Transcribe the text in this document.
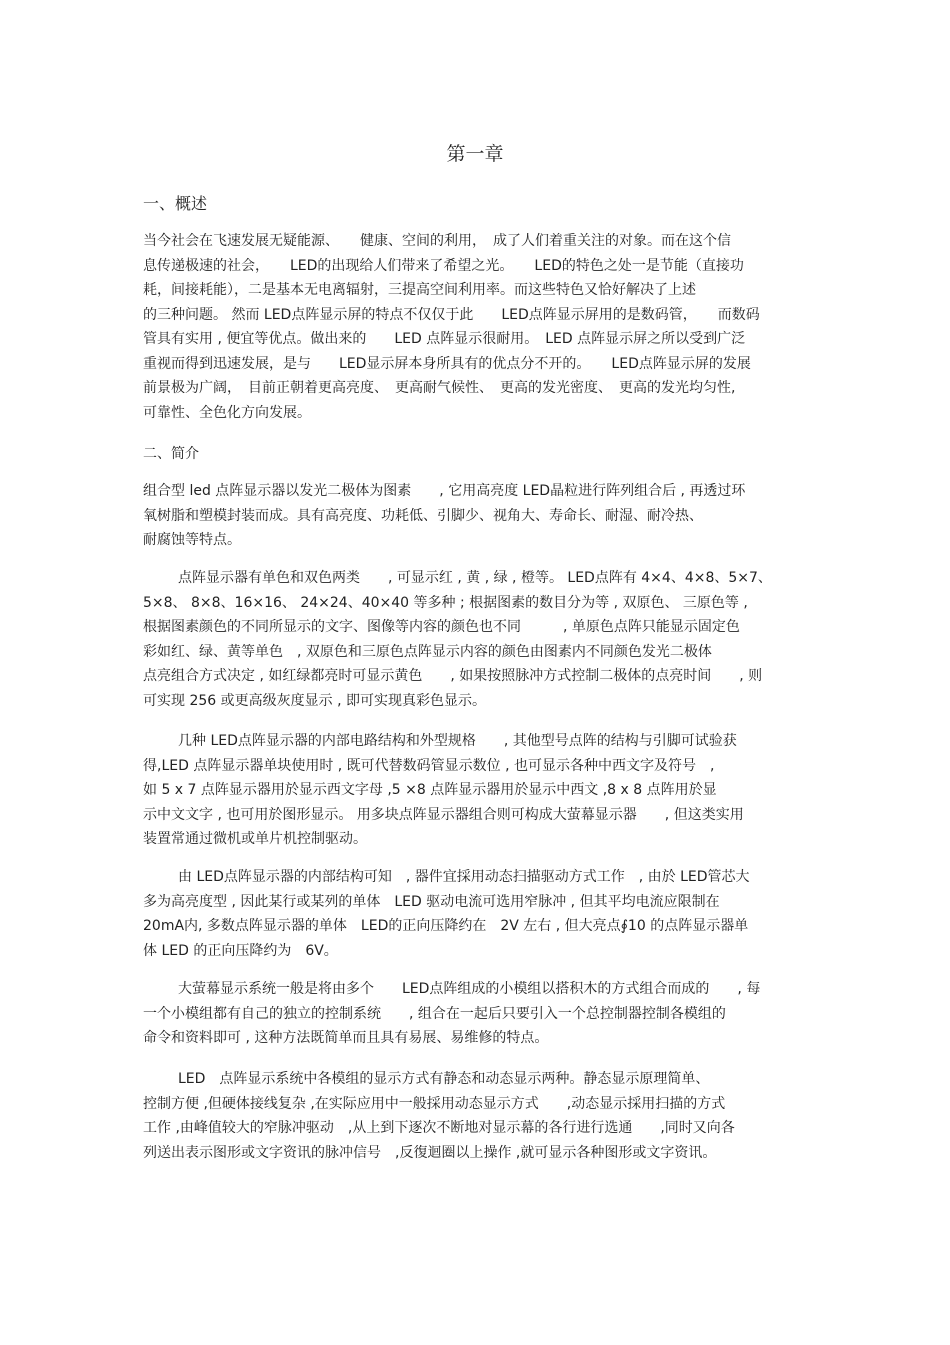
第一章
一、概述
当今社会在飞速发展无疑能源、　　健康、空间的利用，　成了人们着重关注的对象。而在这个信
息传递极速的社会，　　LED的出现给人们带来了希望之光。　　LED的特色之处一是节能（直接功
耗，间接耗能），二是基本无电离辐射，三提高空间利用率。而这些特色又恰好解决了上述
的三种问题。 然而 LED点阵显示屏的特点不仅仅于此　　LED点阵显示屏用的是数码管，　　而数码
管具有实用 , 便宜等优点。做出来的　　LED 点阵显示很耐用。　LED 点阵显示屏之所以受到广泛
重视而得到迅速发展，是与　　LED显示屏本身所具有的优点分不开的。　　LED点阵显示屏的发展
前景极为广阔，　目前正朝着更高亮度、　更高耐气候性、　更高的发光密度、　更高的发光均匀性,
可靠性、全色化方向发展。
二、简介
组合型 led 点阵显示器以发光二极体为图素　　, 它用高亮度 LED晶粒进行阵列组合后 , 再透过环
氧树脂和塑模封装而成。具有高亮度、功耗低、引脚少、视角大、寿命长、耐湿、耐冷热、
耐腐蚀等特点。
点阵显示器有单色和双色两类　　, 可显示红 , 黄 , 绿 , 橙等。 LED点阵有 4×4、4×8、5×7、
5×8、 8×8、16×16、 24×24、40×40 等多种 ; 根据图素的数目分为等 , 双原色、 三原色等 ,
根据图素颜色的不同所显示的文字、图像等内容的颜色也不同　　　, 单原色点阵只能显示固定色
彩如红、绿、黄等单色　, 双原色和三原色点阵显示内容的颜色由图素内不同颜色发光二极体
点亮组合方式决定 , 如红绿都亮时可显示黄色　　, 如果按照脉冲方式控制二极体的点亮时间　　, 则
可实现 256 或更高级灰度显示 , 即可实现真彩色显示。
几种 LED点阵显示器的内部电路结构和外型规格　　, 其他型号点阵的结构与引脚可试验获
得,LED 点阵显示器单块使用时 , 既可代替数码管显示数位 , 也可显示各种中西文字及符号　,
如 5 x 7 点阵显示器用於显示西文字母 ,5 ×8 点阵显示器用於显示中西文 ,8 x 8 点阵用於显
示中文文字 , 也可用於图形显示。 用多块点阵显示器组合则可构成大萤幕显示器　　, 但这类实用
装置常通过微机或单片机控制驱动。
由 LED点阵显示器的内部结构可知　, 器件宜採用动态扫描驱动方式工作　, 由於 LED管芯大
多为高亮度型 , 因此某行或某列的单体　LED 驱动电流可选用窄脉冲 , 但其平均电流应限制在
20mA内, 多数点阵显示器的单体　LED的正向压降约在　2V 左右 , 但大亮点∮10 的点阵显示器单
体 LED 的正向压降约为　6V。
大萤幕显示系统一般是将由多个　　LED点阵组成的小模组以搭积木的方式组合而成的　　, 每
一个小模组都有自己的独立的控制系统　　, 组合在一起后只要引入一个总控制器控制各模组的
命令和资料即可 , 这种方法既简单而且具有易展、易维修的特点。
LED　点阵显示系统中各模组的显示方式有静态和动态显示两种。静态显示原理简单、
控制方便 ,但硬体接线复杂 ,在实际应用中一般採用动态显示方式　　,动态显示採用扫描的方式
工作 ,由峰值较大的窄脉冲驱动　,从上到下逐次不断地对显示幕的各行进行选通　　,同时又向各
列送出表示图形或文字资讯的脉冲信号　,反復迴圈以上操作 ,就可显示各种图形或文字资讯。
